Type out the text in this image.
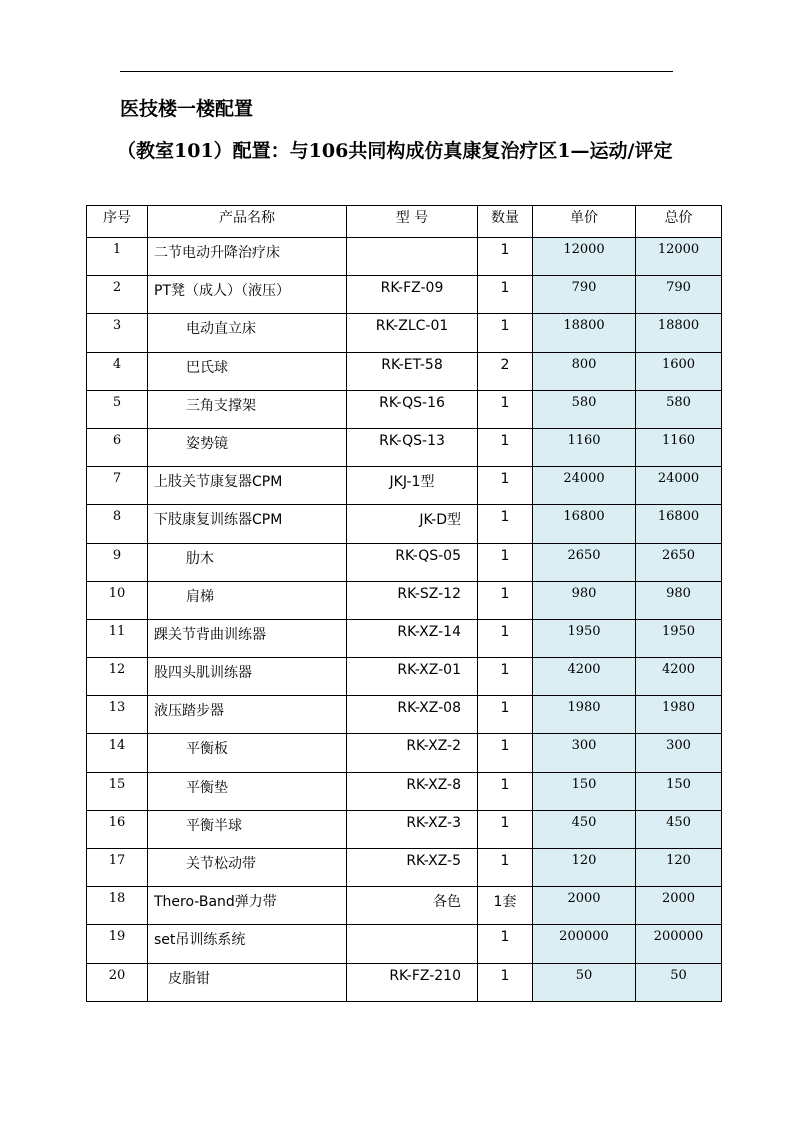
医技楼一楼配置
（教室101）配置：与106共同构成仿真康复治疗区1—运动/评定
序号	产品名称	型 号	数量	单价	总价
1	二节电动升降治疗床		1	12000	12000
2	PT凳（成人）（液压）	RK-FZ-09	1	790	790
3	电动直立床	RK-ZLC-01	1	18800	18800
4	巴氏球	RK-ET-58	2	800	1600
5	三角支撑架	RK-QS-16	1	580	580
6	姿势镜	RK-QS-13	1	1160	1160
7	上肢关节康复器CPM	JKJ-1型	1	24000	24000
8	下肢康复训练器CPM	JK-D型	1	16800	16800
9	肋木	RK-QS-05	1	2650	2650
10	肩梯	RK-SZ-12	1	980	980
11	踝关节背曲训练器	RK-XZ-14	1	1950	1950
12	股四头肌训练器	RK-XZ-01	1	4200	4200
13	液压踏步器	RK-XZ-08	1	1980	1980
14	平衡板	RK-XZ-2	1	300	300
15	平衡垫	RK-XZ-8	1	150	150
16	平衡半球	RK-XZ-3	1	450	450
17	关节松动带	RK-XZ-5	1	120	120
18	Thero-Band弹力带	各色	1套	2000	2000
19	set吊训练系统		1	200000	200000
20	皮脂钳	RK-FZ-210	1	50	50
